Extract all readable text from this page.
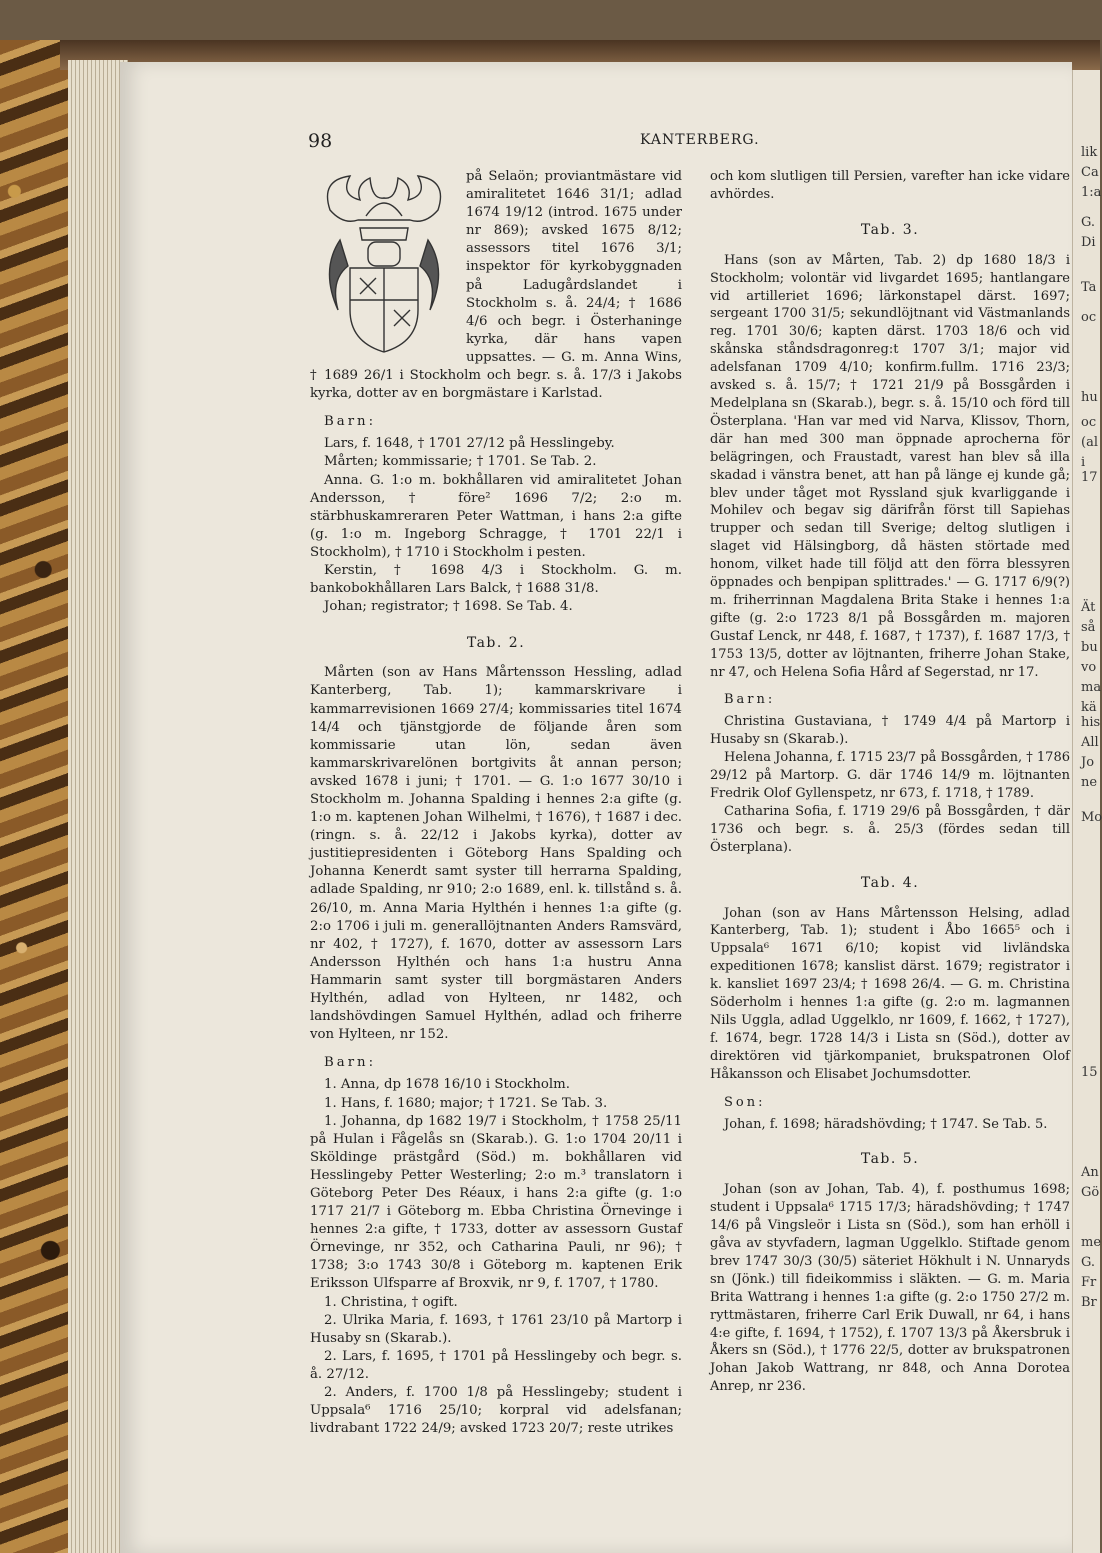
98	KANTERBERG.

på Selaön; proviantmästare vid amiralitetet 1646 31/1; adlad 1674 19/12 (introd. 1675 under nr 869); avsked 1675 8/12; assessors titel 1676 3/1; inspektor för kyrkobyggnaden på Ladugårdslandet i Stockholm s. å. 24/4; † 1686 4/6 och begr. i Österhaninge kyrka, där hans vapen uppsattes. — G. m. Anna Wins, † 1689 26/1 i Stockholm och begr. s. å. 17/3 i Jakobs kyrka, dotter av en borgmästare i Karlstad.

Barn:

Lars, f. 1648, † 1701 27/12 på Hesslingeby.

Mårten; kommissarie; † 1701. Se Tab. 2.

Anna. G. 1:o m. bokhållaren vid amiralitetet Johan Andersson, † före² 1696 7/2; 2:o m. stärbhuskamreraren Peter Wattman, i hans 2:a gifte (g. 1:o m. Ingeborg Schragge, † 1701 22/1 i Stockholm), † 1710 i Stockholm i pesten.

Kerstin, † 1698 4/3 i Stockholm. G. m. bankobokhållaren Lars Balck, † 1688 31/8.

Johan; registrator; † 1698. Se Tab. 4.

Tab. 2.

Mårten (son av Hans Mårtensson Hessling, adlad Kanterberg, Tab. 1); kammarskrivare i kammarrevisionen 1669 27/4; kommissaries titel 1674 14/4 och tjänstgjorde de följande åren som kommissarie utan lön, sedan även kammarskrivarelönen bortgivits åt annan person; avsked 1678 i juni; † 1701. — G. 1:o 1677 30/10 i Stockholm m. Johanna Spalding i hennes 2:a gifte (g. 1:o m. kaptenen Johan Wilhelmi, † 1676), † 1687 i dec. (ringn. s. å. 22/12 i Jakobs kyrka), dotter av justitiepresidenten i Göteborg Hans Spalding och Johanna Kenerdt samt syster till herrarna Spalding, adlade Spalding, nr 910; 2:o 1689, enl. k. tillstånd s. å. 26/10, m. Anna Maria Hylthén i hennes 1:a gifte (g. 2:o 1706 i juli m. generallöjtnanten Anders Ramsvärd, nr 402, † 1727), f. 1670, dotter av assessorn Lars Andersson Hylthén och hans 1:a hustru Anna Hammarin samt syster till borgmästaren Anders Hylthén, adlad von Hylteen, nr 1482, och landshövdingen Samuel Hylthén, adlad och friherre von Hylteen, nr 152.

Barn:

1. Anna, dp 1678 16/10 i Stockholm.

1. Hans, f. 1680; major; † 1721. Se Tab. 3.

1. Johanna, dp 1682 19/7 i Stockholm, † 1758 25/11 på Hulan i Fågelås sn (Skarab.). G. 1:o 1704 20/11 i Sköldinge prästgård (Söd.) m. bokhållaren vid Hesslingeby Petter Westerling; 2:o m.³ translatorn i Göteborg Peter Des Réaux, i hans 2:a gifte (g. 1:o 1717 21/7 i Göteborg m. Ebba Christina Örnevinge i hennes 2:a gifte, † 1733, dotter av assessorn Gustaf Örnevinge, nr 352, och Catharina Pauli, nr 96); † 1738; 3:o 1743 30/8 i Göteborg m. kaptenen Erik Eriksson Ulfsparre af Broxvik, nr 9, f. 1707, † 1780.

1. Christina, † ogift.

2. Ulrika Maria, f. 1693, † 1761 23/10 på Martorp i Husaby sn (Skarab.).

2. Lars, f. 1695, † 1701 på Hesslingeby och begr. s. å. 27/12.

2. Anders, f. 1700 1/8 på Hesslingeby; student i Uppsala⁶ 1716 25/10; korpral vid adelsfanan; livdrabant 1722 24/9; avsked 1723 20/7; reste utrikes

och kom slutligen till Persien, varefter han icke vidare avhördes.

Tab. 3.

Hans (son av Mårten, Tab. 2) dp 1680 18/3 i Stockholm; volontär vid livgardet 1695; hantlangare vid artilleriet 1696; lärkonstapel därst. 1697; sergeant 1700 31/5; sekundlöjtnant vid Västmanlands reg. 1701 30/6; kapten därst. 1703 18/6 och vid skånska ståndsdragonreg:t 1707 3/1; major vid adelsfanan 1709 4/10; konfirm.fullm. 1716 23/3; avsked s. å. 15/7; † 1721 21/9 på Bossgården i Medelplana sn (Skarab.), begr. s. å. 15/10 och förd till Österplana. 'Han var med vid Narva, Klissov, Thorn, där han med 300 man öppnade aprocherna för belägringen, och Fraustadt, varest han blev så illa skadad i vänstra benet, att han på länge ej kunde gå; blev under tåget mot Ryssland sjuk kvarliggande i Mohilev och begav sig därifrån först till Sapiehas trupper och sedan till Sverige; deltog slutligen i slaget vid Hälsingborg, då hästen störtade med honom, vilket hade till följd att den förra blessyren öppnades och benpipan splittrades.' — G. 1717 6/9(?) m. friherrinnan Magdalena Brita Stake i hennes 1:a gifte (g. 2:o 1723 8/1 på Bossgården m. majoren Gustaf Lenck, nr 448, f. 1687, † 1737), f. 1687 17/3, † 1753 13/5, dotter av löjtnanten, friherre Johan Stake, nr 47, och Helena Sofia Hård af Segerstad, nr 17.

Barn:

Christina Gustaviana, † 1749 4/4 på Martorp i Husaby sn (Skarab.).

Helena Johanna, f. 1715 23/7 på Bossgården, † 1786 29/12 på Martorp. G. där 1746 14/9 m. löjtnanten Fredrik Olof Gyllenspetz, nr 673, f. 1718, † 1789.

Catharina Sofia, f. 1719 29/6 på Bossgården, † där 1736 och begr. s. å. 25/3 (fördes sedan till Österplana).

Tab. 4.

Johan (son av Hans Mårtensson Helsing, adlad Kanterberg, Tab. 1); student i Åbo 1665⁵ och i Uppsala⁶ 1671 6/10; kopist vid livländska expeditionen 1678; kanslist därst. 1679; registrator i k. kansliet 1697 23/4; † 1698 26/4. — G. m. Christina Söderholm i hennes 1:a gifte (g. 2:o m. lagmannen Nils Uggla, adlad Uggelklo, nr 1609, f. 1662, † 1727), f. 1674, begr. 1728 14/3 i Lista sn (Söd.), dotter av direktören vid tjärkompaniet, brukspatronen Olof Håkansson och Elisabet Jochumsdotter.

Son:

Johan, f. 1698; häradshövding; † 1747. Se Tab. 5.

Tab. 5.

Johan (son av Johan, Tab. 4), f. posthumus 1698; student i Uppsala⁶ 1715 17/3; häradshövding; † 1747 14/6 på Vingsleör i Lista sn (Söd.), som han erhöll i gåva av styvfadern, lagman Uggelklo. Stiftade genom brev 1747 30/3 (30/5) säteriet Hökhult i N. Unnaryds sn (Jönk.) till fideikommiss i släkten. — G. m. Maria Brita Wattrang i hennes 1:a gifte (g. 2:o 1750 27/2 m. ryttmästaren, friherre Carl Erik Duwall, nr 64, i hans 4:e gifte, f. 1694, † 1752), f. 1707 13/3 på Åkersbruk i Åkers sn (Söd.), † 1776 22/5, dotter av brukspatronen Johan Jakob Wattrang, nr 848, och Anna Dorotea Anrep, nr 236.

lik
Ca
1:a
G.
Di
Ta
oc
hu
oc
(al
i
17
Ät
så
bu
vo
ma
kä
his
All
Jo
ne
Mo
15
An
Gö
me
G.
Fr
Br
